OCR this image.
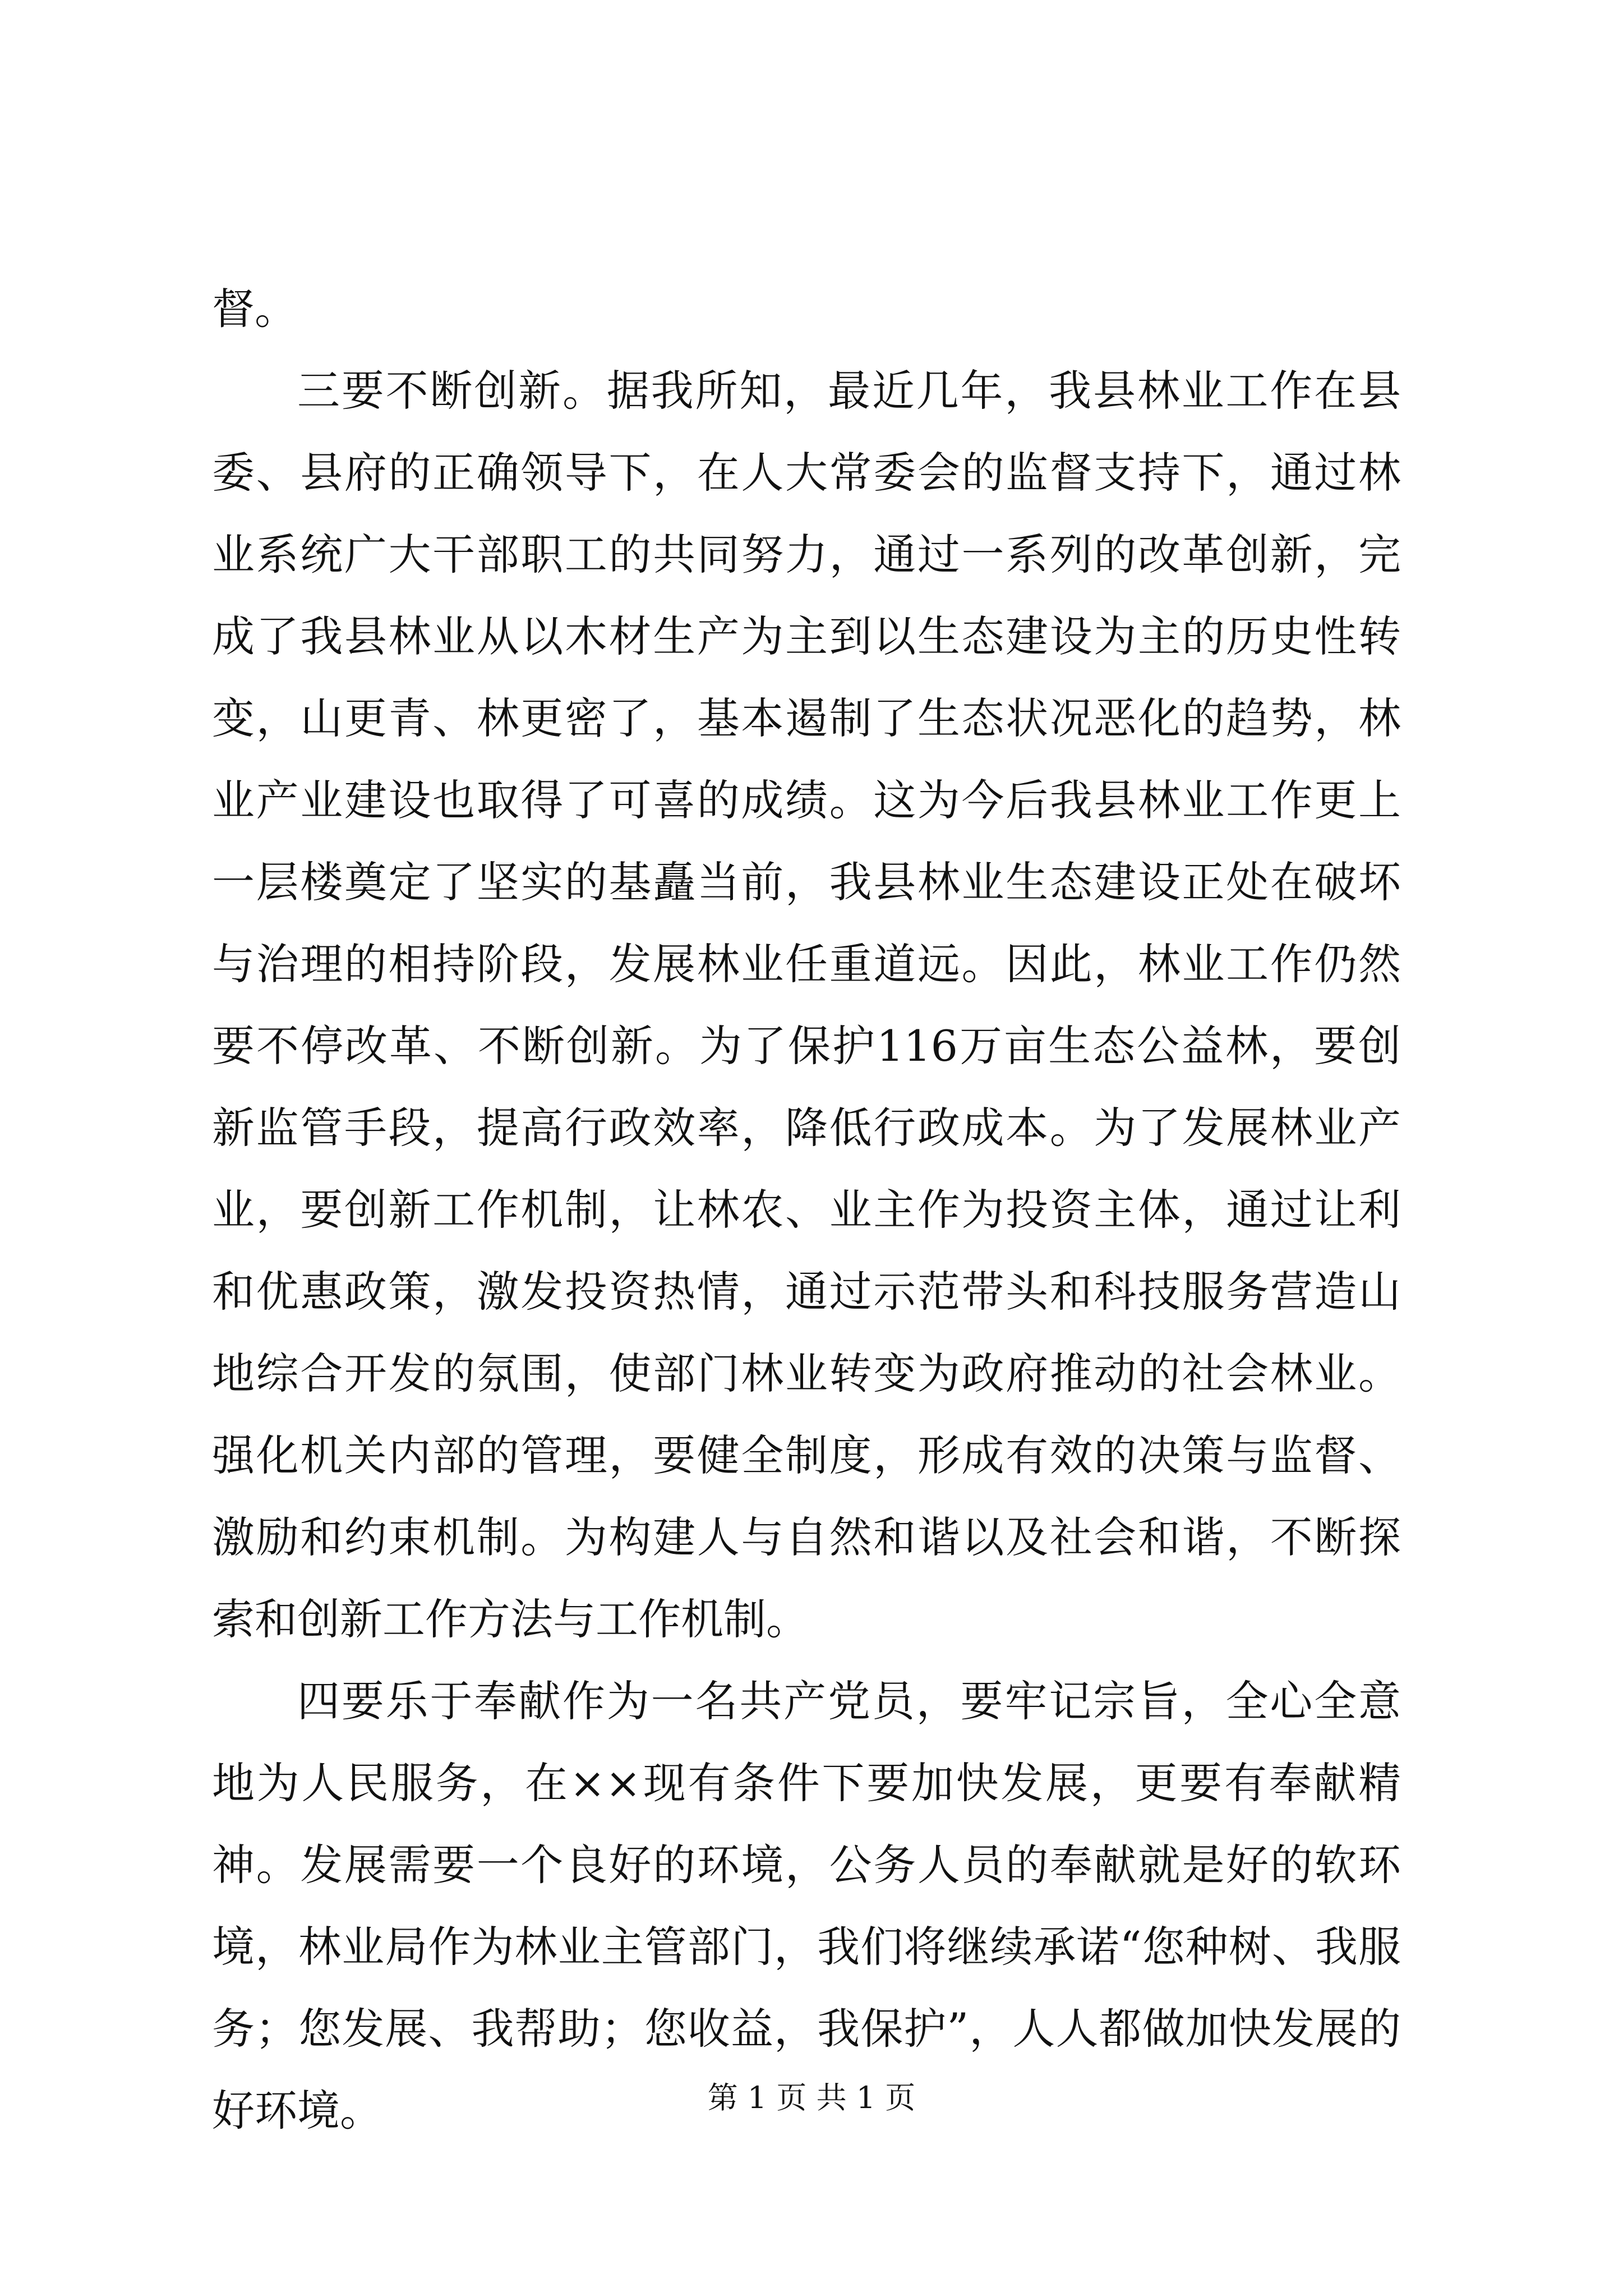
督。

三要不断创新。据我所知，最近几年，我县林业工作在县委、县府的正确领导下，在人大常委会的监督支持下，通过林业系统广大干部职工的共同努力，通过一系列的改革创新，完成了我县林业从以木材生产为主到以生态建设为主的历史性转变，山更青、林更密了，基本遏制了生态状况恶化的趋势，林业产业建设也取得了可喜的成绩。这为今后我县林业工作更上一层楼奠定了坚实的基矗当前，我县林业生态建设正处在破坏与治理的相持阶段，发展林业任重道远。因此，林业工作仍然要不停改革、不断创新。为了保护116万亩生态公益林，要创新监管手段，提高行政效率，降低行政成本。为了发展林业产业，要创新工作机制，让林农、业主作为投资主体，通过让利和优惠政策，激发投资热情，通过示范带头和科技服务营造山地综合开发的氛围，使部门林业转变为政府推动的社会林业。强化机关内部的管理，要健全制度，形成有效的决策与监督、激励和约束机制。为构建人与自然和谐以及社会和谐，不断探索和创新工作方法与工作机制。

四要乐于奉献作为一名共产党员，要牢记宗旨，全心全意地为人民服务，在××现有条件下要加快发展，更要有奉献精神。发展需要一个良好的环境，公务人员的奉献就是好的软环境，林业局作为林业主管部门，我们将继续承诺“您种树、我服务；您发展、我帮助；您收益，我保护”，人人都做加快发展的好环境。	第 1 页 共 1 页
